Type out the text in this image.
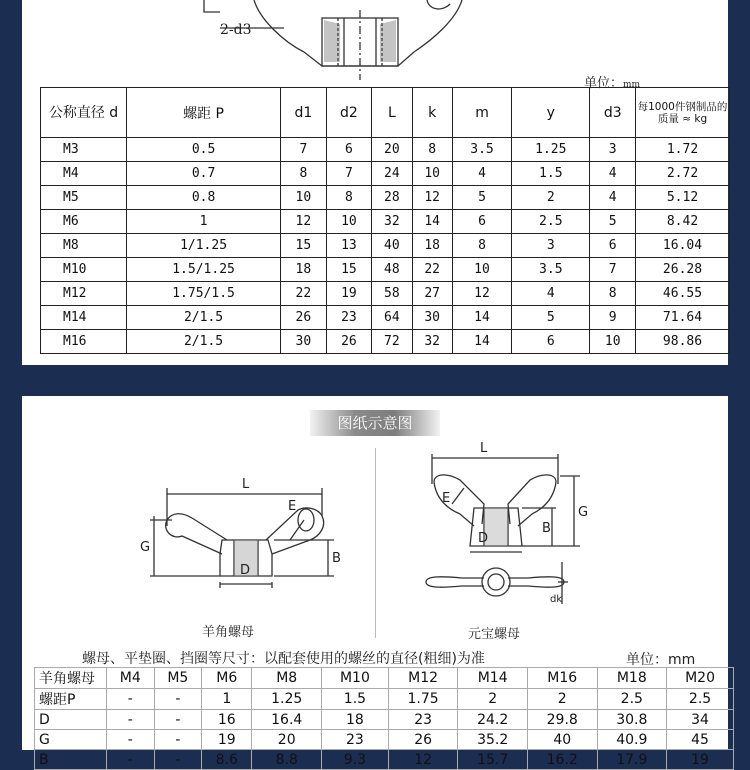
2-d3
单位：mm
公称直径 d	螺距 P	d1	d2	L	k	m	y	d3	每1000件钢制品的质量 ≈ kg
M3	0.5	7	6	20	8	3.5	1.25	3	1.72
M4	0.7	8	7	24	10	4	1.5	4	2.72
M5	0.8	10	8	28	12	5	2	4	5.12
M6	1	12	10	32	14	6	2.5	5	8.42
M8	1/1.25	15	13	40	18	8	3	6	16.04
M10	1.5/1.25	18	15	48	22	10	3.5	7	26.28
M12	1.75/1.5	22	19	58	27	12	4	8	46.55
M14	2/1.5	26	23	64	30	14	5	9	71.64
M16	2/1.5	30	26	72	32	14	6	10	98.86
图纸示意图
L
E
G
B
D
L
E
G
B
D
dk
羊角螺母	元宝螺母
螺母、平垫圈、挡圈等尺寸：以配套使用的螺丝的直径(粗细)为准	单位：mm
羊角螺母	M4	M5	M6	M8	M10	M12	M14	M16	M18	M20
螺距P	-	-	1	1.25	1.5	1.75	2	2	2.5	2.5
D	-	-	16	16.4	18	23	24.2	29.8	30.8	34
G	-	-	19	20	23	26	35.2	40	40.9	45
B	-	-	8.6	8.8	9.3	12	15.7	16.2	17.9	19
